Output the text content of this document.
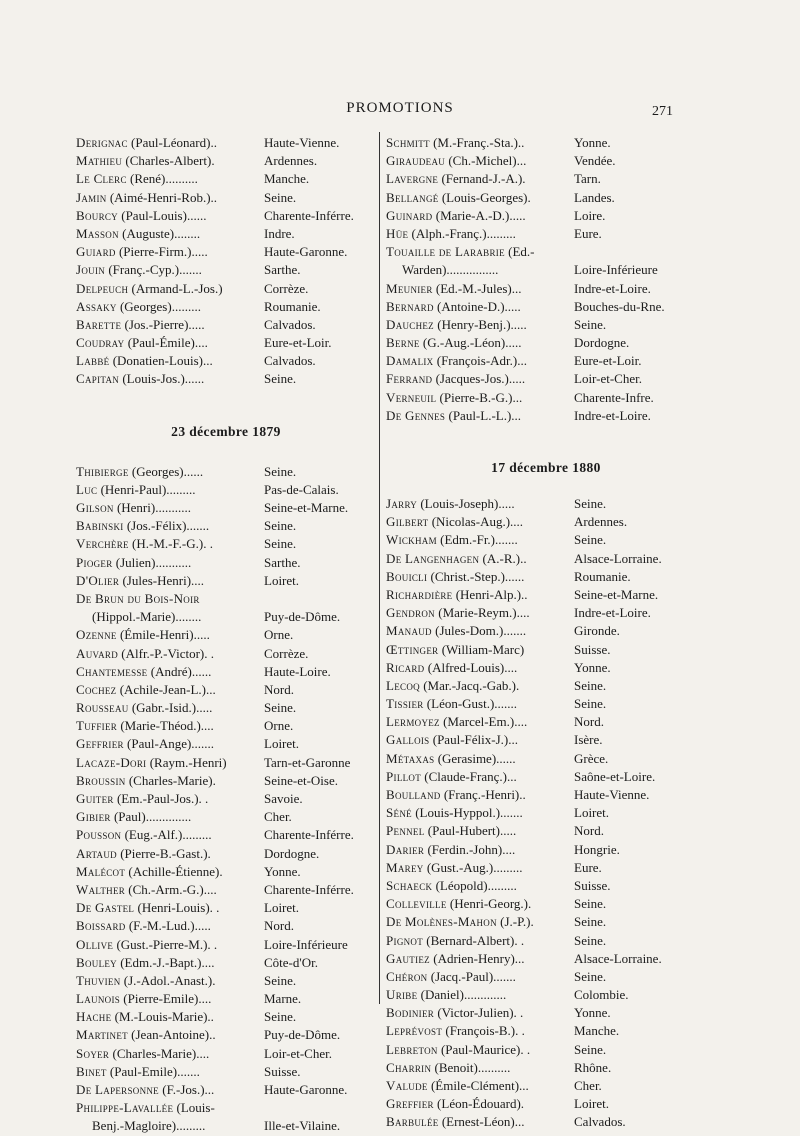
PROMOTIONS	271
Derignac (Paul-Léonard)..	Haute-Vienne.
Mathieu (Charles-Albert).	Ardennes.
Le Clerc (René)..........	Manche.
Jamin (Aimé-Henri-Rob.)..	Seine.
Bourcy (Paul-Louis)......	Charente-Inférre.
Masson (Auguste)........	Indre.
Guiard (Pierre-Firm.).....	Haute-Garonne.
Jouin (Franç.-Cyp.).......	Sarthe.
Delpeuch (Armand-L.-Jos.)	Corrèze.
Assaky (Georges).........	Roumanie.
Barette (Jos.-Pierre).....	Calvados.
Coudray (Paul-Émile)....	Eure-et-Loir.
Labbé (Donatien-Louis)...	Calvados.
Capitan (Louis-Jos.)......	Seine.
23 décembre 1879
Thibierge (Georges)......	Seine.
Luc (Henri-Paul).........	Pas-de-Calais.
Gilson (Henri)...........	Seine-et-Marne.
Babinski (Jos.-Félix).......	Seine.
Verchère (H.-M.-F.-G.). .	Seine.
Pioger (Julien)...........	Sarthe.
D'Olier (Jules-Henri)....	Loiret.
De Brun du Bois-Noir
(Hippol.-Marie)........	Puy-de-Dôme.
Ozenne (Émile-Henri).....	Orne.
Auvard (Alfr.-P.-Victor). .	Corrèze.
Chantemesse (André)......	Haute-Loire.
Cochez (Achile-Jean-L.)...	Nord.
Rousseau (Gabr.-Isid.).....	Seine.
Tuffier (Marie-Théod.)....	Orne.
Geffrier (Paul-Ange).......	Loiret.
Lacaze-Dori (Raym.-Henri)	Tarn-et-Garonne
Broussin (Charles-Marie).	Seine-et-Oise.
Guiter (Em.-Paul-Jos.). .	Savoie.
Gibier (Paul)..............	Cher.
Pousson (Eug.-Alf.).........	Charente-Inférre.
Artaud (Pierre-B.-Gast.).	Dordogne.
Malécot (Achille-Étienne).	Yonne.
Walther (Ch.-Arm.-G.)....	Charente-Inférre.
De Gastel (Henri-Louis). .	Loiret.
Boissard (F.-M.-Lud.).....	Nord.
Ollive (Gust.-Pierre-M.). .	Loire-Inférieure
Bouley (Edm.-J.-Bapt.)....	Côte-d'Or.
Thuvien (J.-Adol.-Anast.).	Seine.
Launois (Pierre-Emile)....	Marne.
Hache (M.-Louis-Marie)..	Seine.
Martinet (Jean-Antoine)..	Puy-de-Dôme.
Soyer (Charles-Marie)....	Loir-et-Cher.
Binet (Paul-Emile).......	Suisse.
De Lapersonne (F.-Jos.)...	Haute-Garonne.
Philippe-Lavallée (Louis-
Benj.-Magloire).........	Ille-et-Vilaine.
Schmitt (M.-Franç.-Sta.)..	Yonne.
Giraudeau (Ch.-Michel)...	Vendée.
Lavergne (Fernand-J.-A.).	Tarn.
Bellangé (Louis-Georges).	Landes.
Guinard (Marie-A.-D.).....	Loire.
Hüe (Alph.-Franç.).........	Eure.
Touaille de Larabrie (Ed.-
Warden)................	Loire-Inférieure
Meunier (Ed.-M.-Jules)...	Indre-et-Loire.
Bernard (Antoine-D.).....	Bouches-du-Rne.
Dauchez (Henry-Benj.).....	Seine.
Berne (G.-Aug.-Léon).....	Dordogne.
Damalix (François-Adr.)...	Eure-et-Loir.
Ferrand (Jacques-Jos.).....	Loir-et-Cher.
Verneuil (Pierre-B.-G.)...	Charente-Infre.
De Gennes (Paul-L.-L.)...	Indre-et-Loire.
17 décembre 1880
Jarry (Louis-Joseph).....	Seine.
Gilbert (Nicolas-Aug.)....	Ardennes.
Wickham (Edm.-Fr.).......	Seine.
De Langenhagen (A.-R.)..	Alsace-Lorraine.
Bouicli (Christ.-Step.)......	Roumanie.
Richardière (Henri-Alp.)..	Seine-et-Marne.
Gendron (Marie-Reym.)....	Indre-et-Loire.
Manaud (Jules-Dom.).......	Gironde.
Œttinger (William-Marc)	Suisse.
Ricard (Alfred-Louis)....	Yonne.
Lecoq (Mar.-Jacq.-Gab.).	Seine.
Tissier (Léon-Gust.).......	Seine.
Lermoyez (Marcel-Em.)....	Nord.
Gallois (Paul-Félix-J.)...	Isère.
Métaxas (Gerasime)......	Grèce.
Pillot (Claude-Franç.)...	Saône-et-Loire.
Boulland (Franç.-Henri)..	Haute-Vienne.
Séné (Louis-Hyppol.).......	Loiret.
Pennel (Paul-Hubert).....	Nord.
Darier (Ferdin.-John)....	Hongrie.
Marey (Gust.-Aug.).........	Eure.
Schaeck (Léopold).........	Suisse.
Colleville (Henri-Georg.).	Seine.
De Molènes-Mahon (J.-P.).	Seine.
Pignot (Bernard-Albert). .	Seine.
Gautiez (Adrien-Henry)...	Alsace-Lorraine.
Chéron (Jacq.-Paul).......	Seine.
Uribe (Daniel).............	Colombie.
Bodinier (Victor-Julien). .	Yonne.
Leprévost (François-B.). .	Manche.
Lebreton (Paul-Maurice). .	Seine.
Charrin (Benoit)..........	Rhône.
Valude (Émile-Clément)...	Cher.
Greffier (Léon-Édouard).	Loiret.
Barbulée (Ernest-Léon)...	Calvados.
